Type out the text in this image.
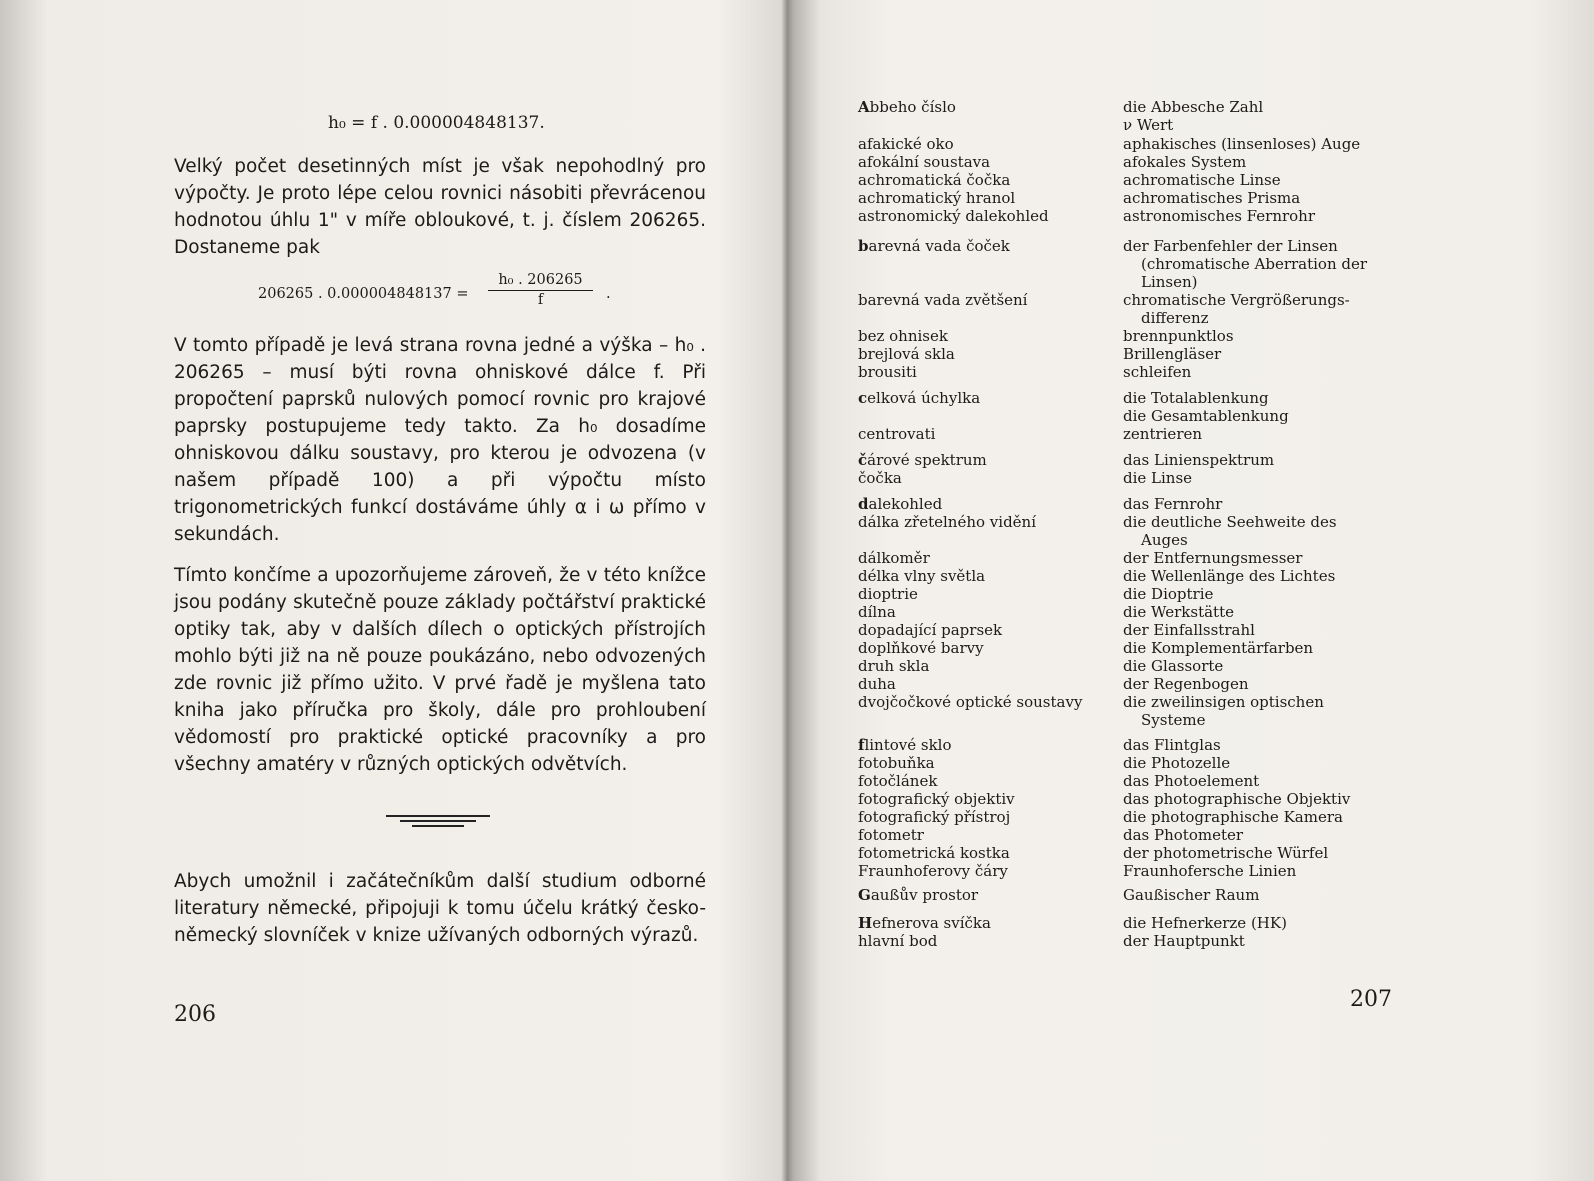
h₀ = f . 0.000004848137.
Velký počet desetinných míst je však nepohodlný pro výpočty. Je proto lépe celou rovnici násobiti převrácenou hodnotou úhlu 1" v míře obloukové, t. j. číslem 206265. Dostaneme pak
206265 . $0.000004848137 = \frac{\text{h₀ . 206265}}{f}$ .
V tomto případě je levá strana rovna jedné a výška – h₀ . 206265 – musí býti rovna ohniskové dálce f. Při propočtení paprsků nulových pomocí rovnic pro krajové paprsky postupujeme tedy takto. Za h₀ dosadíme ohniskovou dálku soustavy, pro kterou je odvozena (v našem případě 100) a při výpočtu místo trigonometrických funkcí dostáváme úhly α i ω přímo v sekundách.
Tímto končíme a upozorňujeme zároveň, že v této knížce jsou podány skutečně pouze základy počtářství praktické optiky tak, aby v dalších dílech o optických přístrojích mohlo býti již na ně pouze poukázáno, nebo odvozených zde rovnic již přímo užito. V prvé řadě je myšlena tato kniha jako příručka pro školy, dále pro prohloubení vědomostí pro praktické optické pracovníky a pro všechny amatéry v různých optických odvětvích.
Abych umožnil i začátečníkům další studium odborné literatury německé, připojuji k tomu účelu krátký česko-německý slovníček v knize užívaných odborných výrazů.
206
Abbeho číslo	die Abbesche Zahl
ν Wert
afakické oko	aphakisches (linsenloses) Auge
afokální soustava	afokales System
achromatická čočka	achromatische Linse
achromatický hranol	achromatisches Prisma
astronomický dalekohled	astronomisches Fernrohr
barevná vada čoček	der Farbenfehler der Linsen
(chromatische Aberration der
Linsen)
barevná vada zvětšení	chromatische Vergrößerungs-
differenz
bez ohnisek	brennpunktlos
brejlová skla	Brillengläser
brousiti	schleifen
celková úchylka	die Totalablenkung
die Gesamtablenkung
centrovati	zentrieren
čárové spektrum	das Linienspektrum
čočka	die Linse
dalekohled	das Fernrohr
dálka zřetelného vidění	die deutliche Seehweite des
Auges
dálkoměr	der Entfernungsmesser
délka vlny světla	die Wellenlänge des Lichtes
dioptrie	die Dioptrie
dílna	die Werkstätte
dopadající paprsek	der Einfallsstrahl
doplňkové barvy	die Komplementärfarben
druh skla	die Glassorte
duha	der Regenbogen
dvojčočkové optické soustavy	die zweilinsigen optischen
Systeme
flintové sklo	das Flintglas
fotobuňka	die Photozelle
fotočlánek	das Photoelement
fotografický objektiv	das photographische Objektiv
fotografický přístroj	die photographische Kamera
fotometr	das Photometer
fotometrická kostka	der photometrische Würfel
Fraunhoferovy čáry	Fraunhofersche Linien
Gaußův prostor	Gaußischer Raum
Hefnerova svíčka	die Hefnerkerze (HK)
hlavní bod	der Hauptpunkt
207
